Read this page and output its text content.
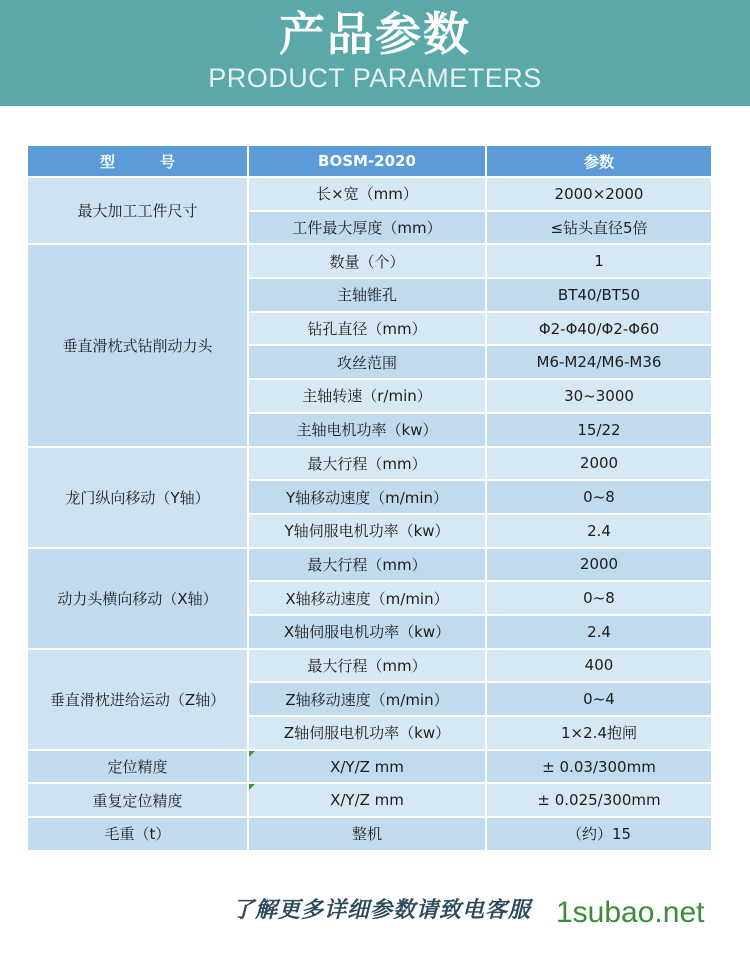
产品参数
PRODUCT PARAMETERS
型　　　号	BOSM-2020	参数
最大加工工件尺寸
长×宽（mm）	2000×2000
工件最大厚度（mm）	≤钻头直径5倍
垂直滑枕式钻削动力头
数量（个）	1
主轴锥孔	BT40/BT50
钻孔直径（mm）	Φ2-Φ40/Φ2-Φ60
攻丝范围	M6-M24/M6-M36
主轴转速（r/min）	30~3000
主轴电机功率（kw）	15/22
龙门纵向移动（Y轴）
最大行程（mm）	2000
Y轴移动速度（m/min）	0~8
Y轴伺服电机功率（kw）	2.4
动力头横向移动（X轴）
最大行程（mm）	2000
X轴移动速度（m/min）	0~8
X轴伺服电机功率（kw）	2.4
垂直滑枕进给运动（Z轴）
最大行程（mm）	400
Z轴移动速度（m/min）	0~4
Z轴伺服电机功率（kw）	1×2.4抱闸
定位精度	X/Y/Z mm	± 0.03/300mm
重复定位精度	X/Y/Z mm	± 0.025/300mm
毛重（t）	整机	（约）15
了解更多详细参数请致电客服 1subao.net
